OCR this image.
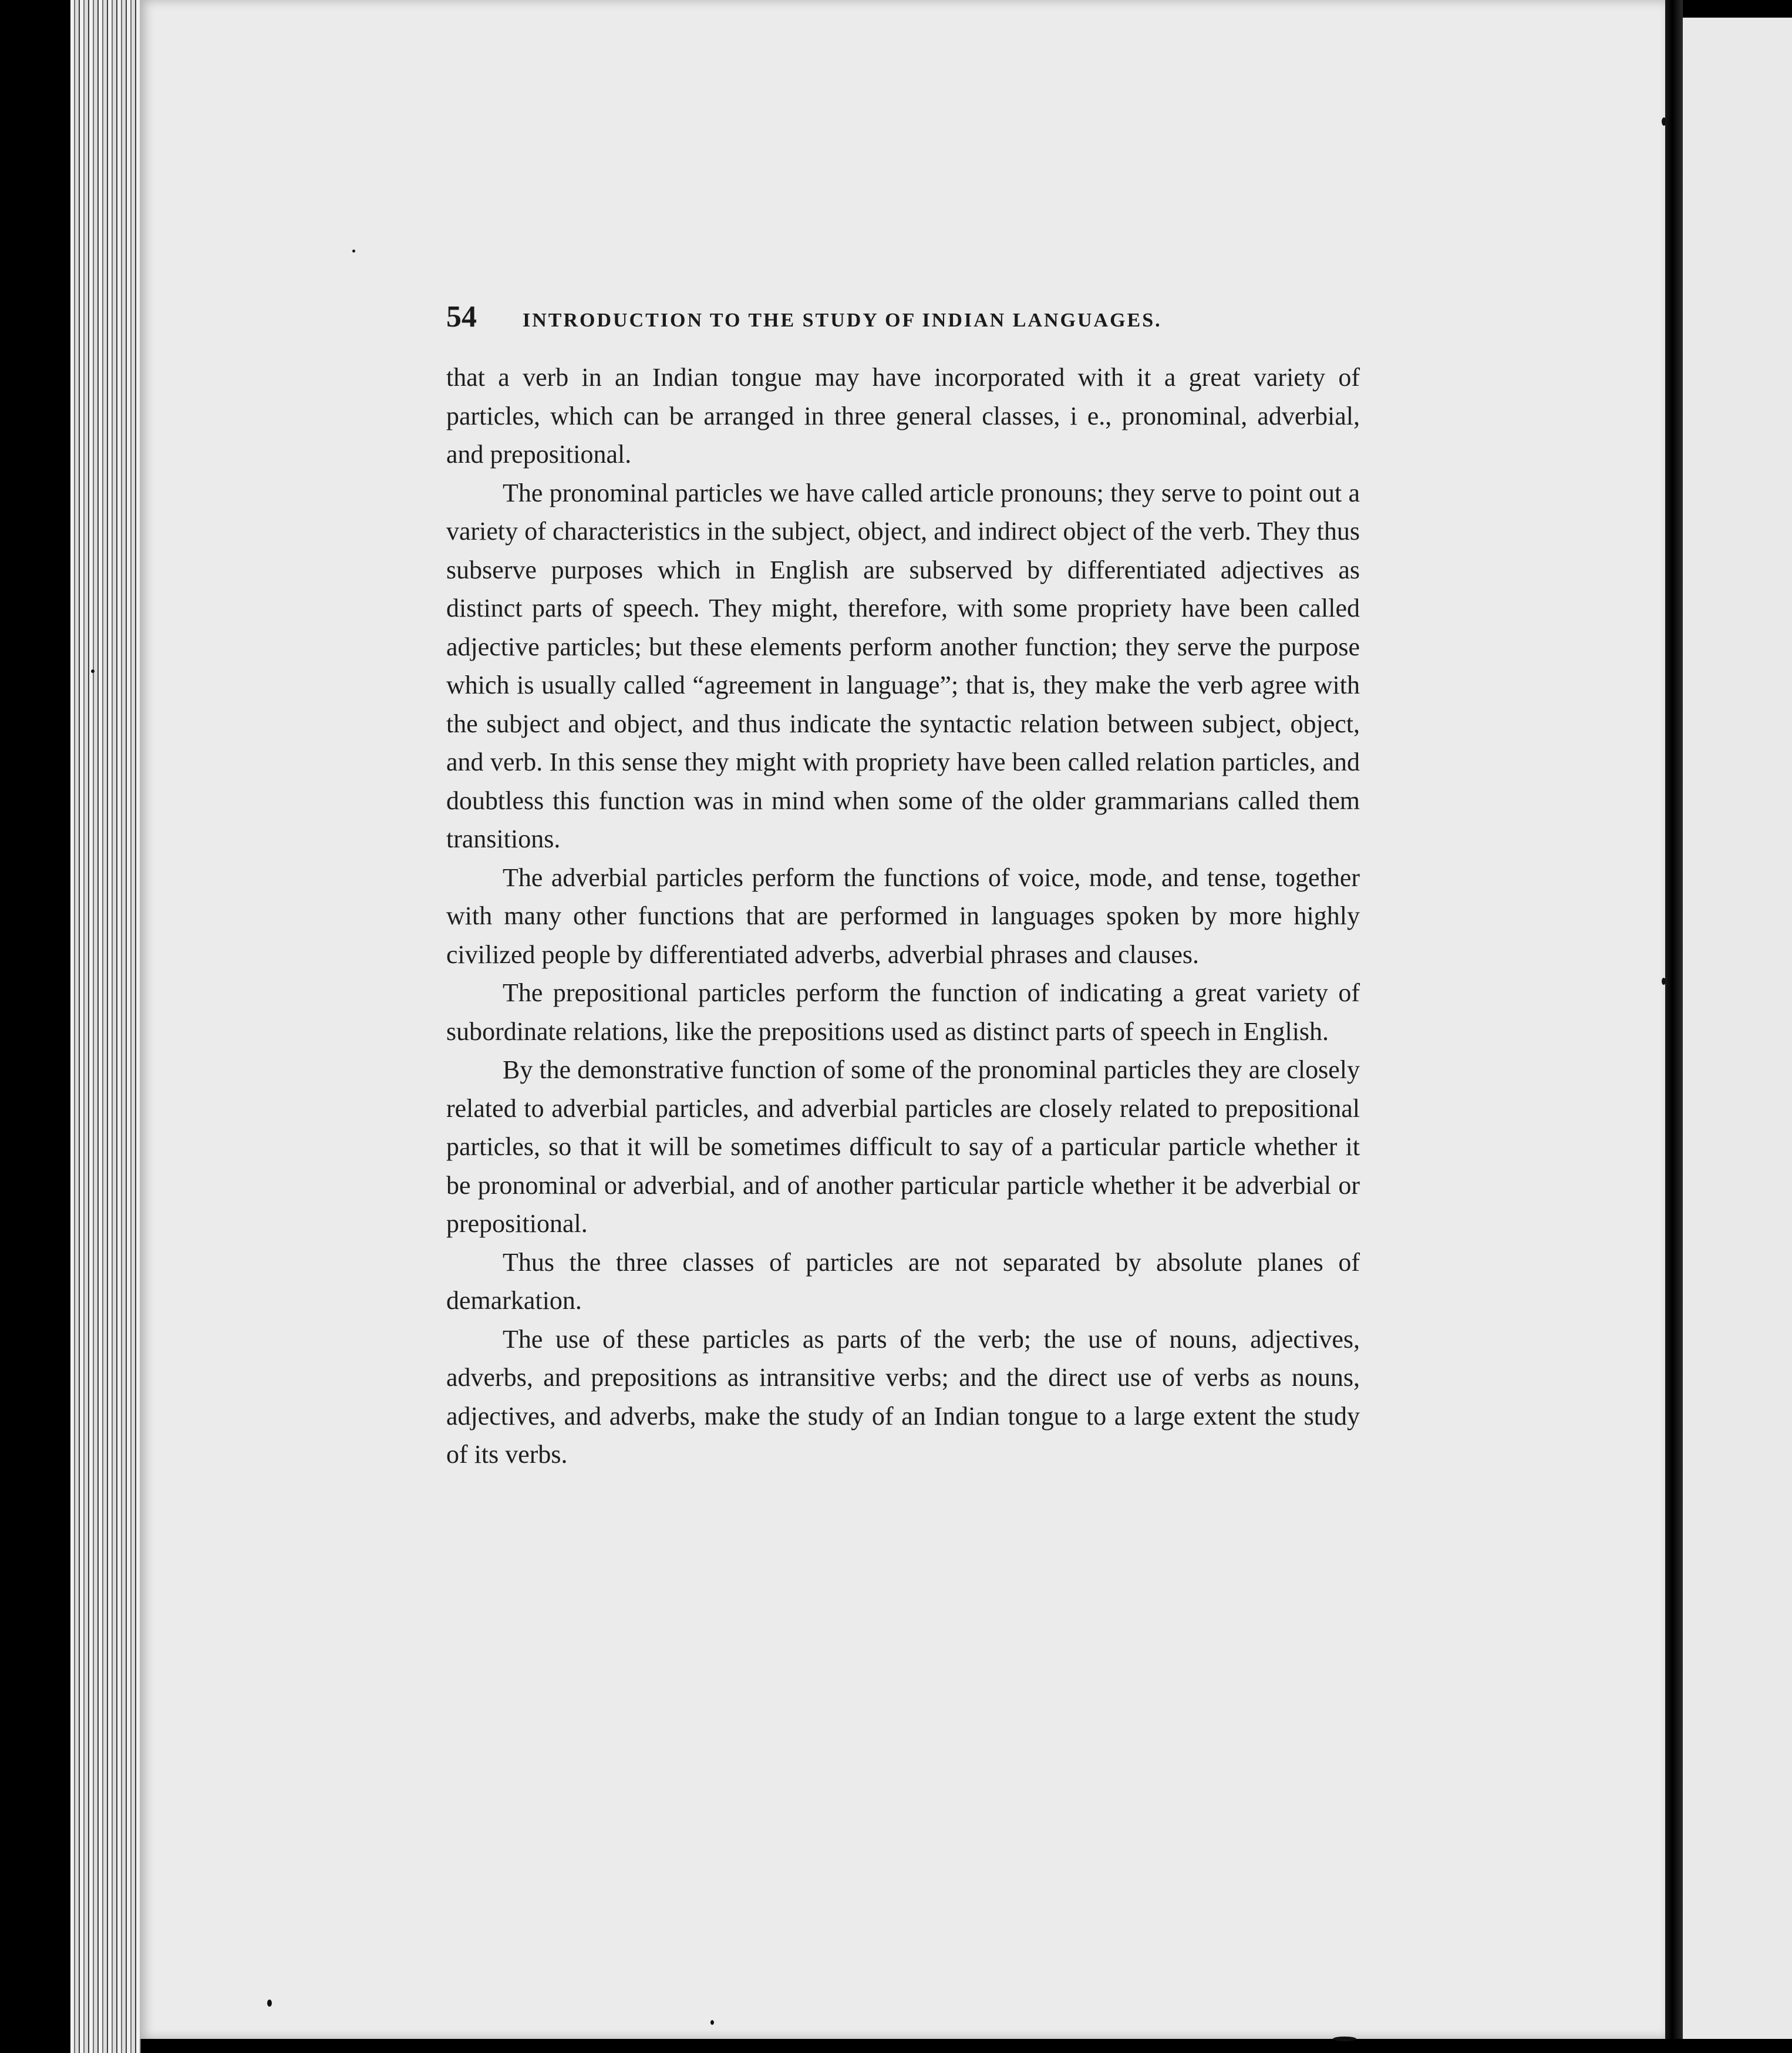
54	INTRODUCTION TO THE STUDY OF INDIAN LANGUAGES.

that a verb in an Indian tongue may have incorporated with it a great variety of particles, which can be arranged in three general classes, i e., pronominal, adverbial, and prepositional.

The pronominal particles we have called article pronouns; they serve to point out a variety of characteristics in the subject, object, and indirect object of the verb. They thus subserve purposes which in English are subserved by differentiated adjectives as distinct parts of speech. They might, therefore, with some propriety have been called adjective particles; but these elements perform another function; they serve the purpose which is usually called “agreement in language”; that is, they make the verb agree with the subject and object, and thus indicate the syntactic relation between subject, object, and verb. In this sense they might with propriety have been called relation particles, and doubtless this function was in mind when some of the older grammarians called them transitions.

The adverbial particles perform the functions of voice, mode, and tense, together with many other functions that are performed in languages spoken by more highly civilized people by differentiated adverbs, adverbial phrases and clauses.

The prepositional particles perform the function of indicating a great variety of subordinate relations, like the prepositions used as distinct parts of speech in English.

By the demonstrative function of some of the pronominal particles they are closely related to adverbial particles, and adverbial particles are closely related to prepositional particles, so that it will be sometimes difficult to say of a particular particle whether it be pronominal or adverbial, and of another particular particle whether it be adverbial or prepositional.

Thus the three classes of particles are not separated by absolute planes of demarkation.

The use of these particles as parts of the verb; the use of nouns, adjectives, adverbs, and prepositions as intransitive verbs; and the direct use of verbs as nouns, adjectives, and adverbs, make the study of an Indian tongue to a large extent the study of its verbs.
